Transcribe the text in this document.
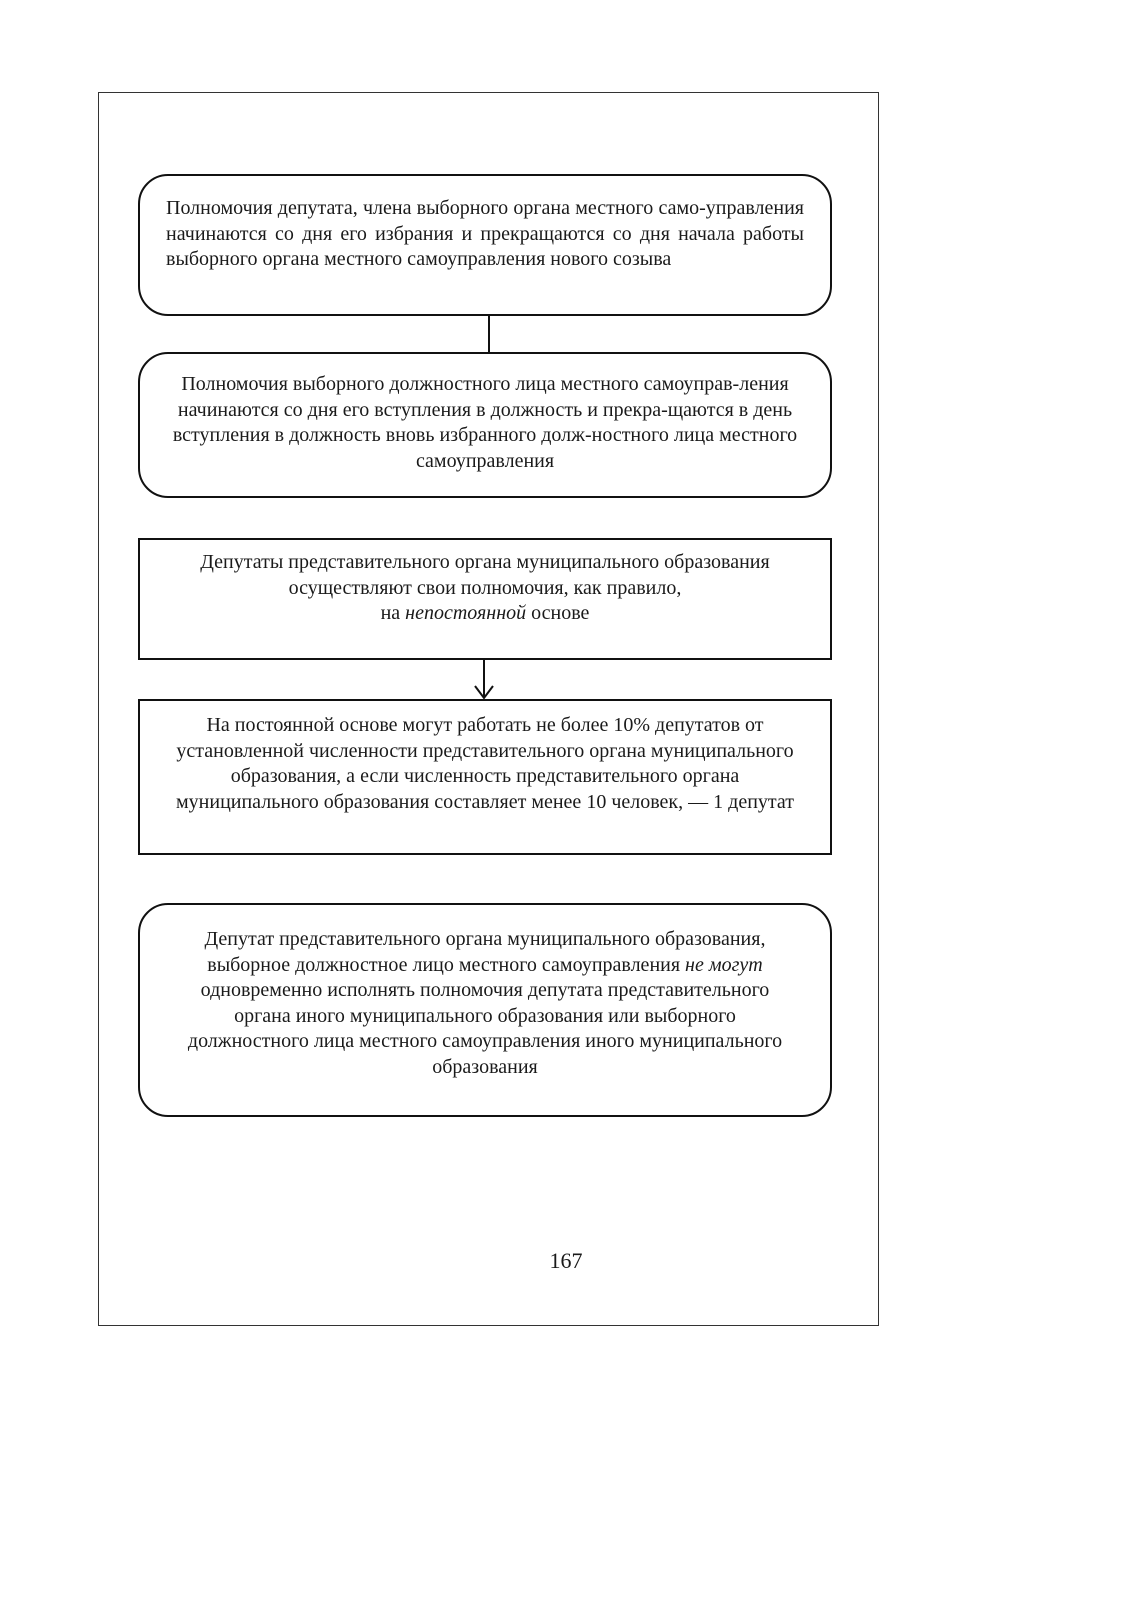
Полномочия депутата, члена выборного органа местного само-управления начинаются со дня его избрания и прекращаются со дня начала работы выборного органа местного самоуправления нового созыва
Полномочия выборного должностного лица местного самоуправ-ления начинаются со дня его вступления в должность и прекра-щаются в день вступления в должность вновь избранного долж-ностного лица местного самоуправления
Депутаты представительного органа муниципального образования
осуществляют свои полномочия, как правило,
на непостоянной основе
На постоянной основе могут работать не более 10% депутатов от установленной численности представительного органа муниципального образования, а если численность представительного органа муниципального образования составляет менее 10 человек, — 1 депутат
Депутат представительного органа муниципального образования,
выборное должностное лицо местного самоуправления не могут
одновременно исполнять полномочия депутата представительного органа иного муниципального образования или выборного должностного лица местного самоуправления иного муниципального образования
167
